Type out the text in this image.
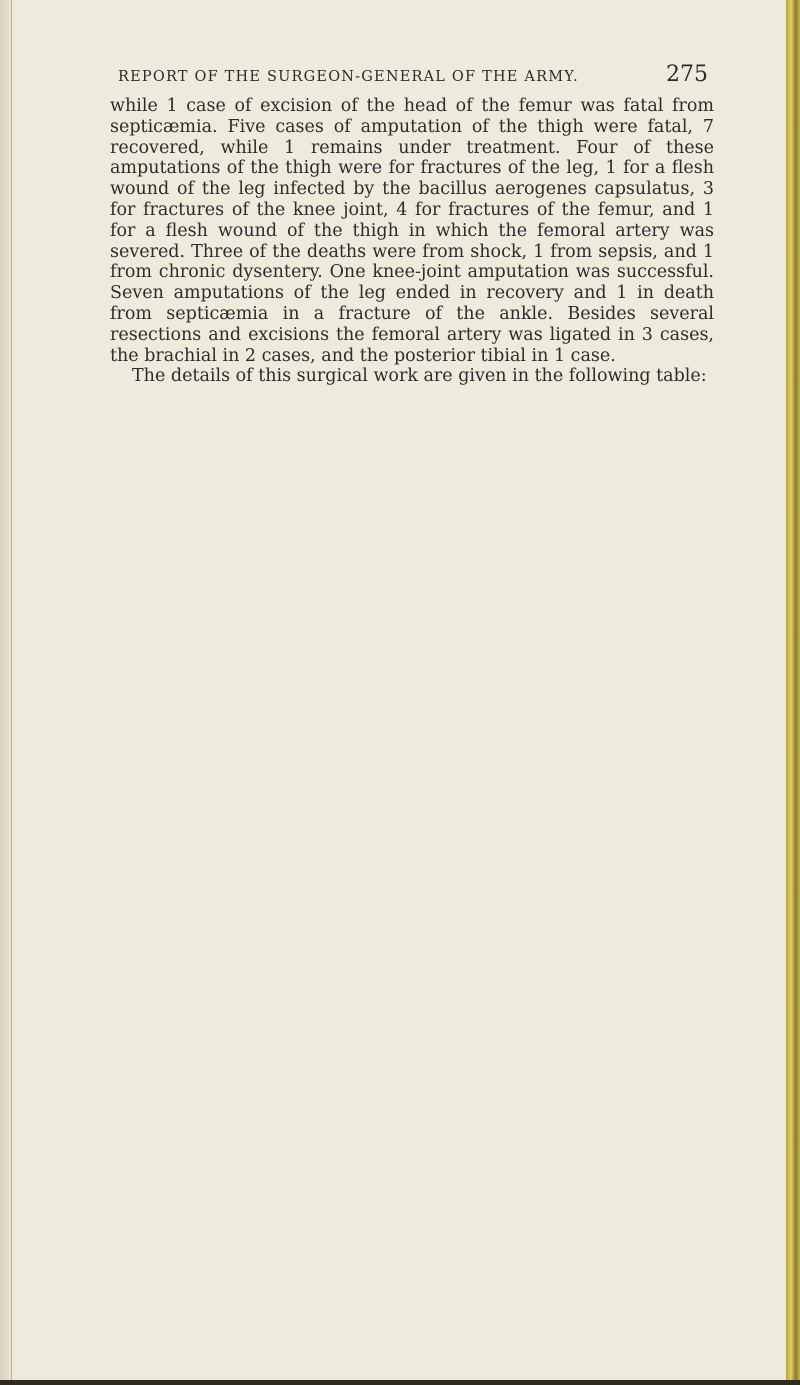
REPORT OF THE SURGEON-GENERAL OF THE ARMY.	275

while 1 case of excision of the head of the femur was fatal from septicæmia. Five cases of amputation of the thigh were fatal, 7 recovered, while 1 remains under treatment. Four of these amputations of the thigh were for fractures of the leg, 1 for a flesh wound of the leg infected by the bacillus aerogenes capsulatus, 3 for fractures of the knee joint, 4 for fractures of the femur, and 1 for a flesh wound of the thigh in which the femoral artery was severed. Three of the deaths were from shock, 1 from sepsis, and 1 from chronic dysentery. One knee-joint amputation was successful. Seven amputations of the leg ended in recovery and 1 in death from septicæmia in a fracture of the ankle. Besides several resections and excisions the femoral artery was ligated in 3 cases, the brachial in 2 cases, and the posterior tibial in 1 case.

The details of this surgical work are given in the following table:
